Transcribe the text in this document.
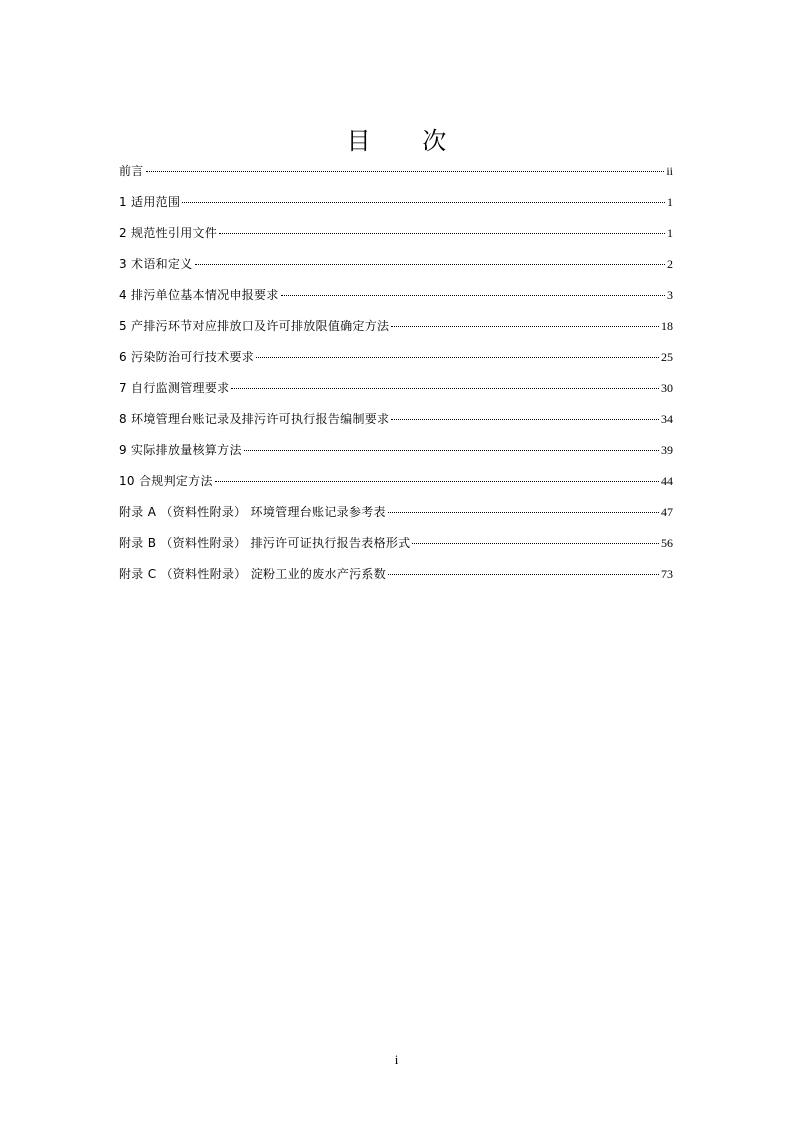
目 次
前言	ii
1 适用范围	1
2 规范性引用文件	1
3 术语和定义	2
4 排污单位基本情况申报要求	3
5 产排污环节对应排放口及许可排放限值确定方法	18
6 污染防治可行技术要求	25
7 自行监测管理要求	30
8 环境管理台账记录及排污许可执行报告编制要求	34
9 实际排放量核算方法	39
10 合规判定方法	44
附录 A （资料性附录） 环境管理台账记录参考表	47
附录 B （资料性附录） 排污许可证执行报告表格形式	56
附录 C （资料性附录） 淀粉工业的废水产污系数	73
i
